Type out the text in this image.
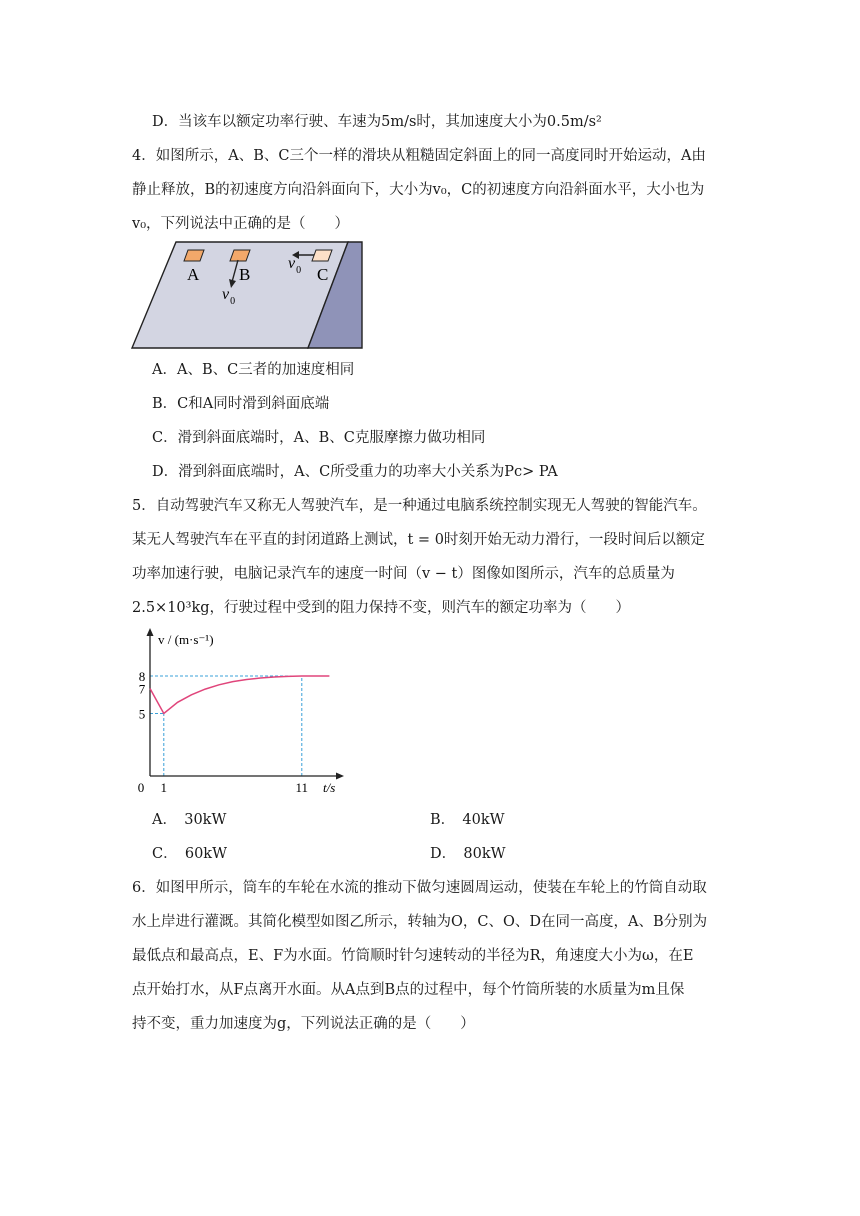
D．当该车以额定功率行驶、车速为5m/s时，其加速度大小为0.5m/s²
4．如图所示，A、B、C三个一样的滑块从粗糙固定斜面上的同一高度同时开始运动，A由
静止释放，B的初速度方向沿斜面向下，大小为v₀，C的初速度方向沿斜面水平，大小也为
v₀，下列说法中正确的是（　　）
A B	C
$v_0$
$v_0$
A．A、B、C三者的加速度相同
B．C和A同时滑到斜面底端
C．滑到斜面底端时，A、B、C克服摩擦力做功相同
D．滑到斜面底端时，A、C所受重力的功率大小关系为Pc> PA
5．自动驾驶汽车又称无人驾驶汽车，是一种通过电脑系统控制实现无人驾驶的智能汽车。
某无人驾驶汽车在平直的封闭道路上测试，t = 0时刻开始无动力滑行，一段时间后以额定
功率加速行驶，电脑记录汽车的速度一时间（v − t）图像如图所示，汽车的总质量为
2.5×10³kg，行驶过程中受到的阻力保持不变，则汽车的额定功率为（　　）
5
7
8
0 1	11
v / (m·s⁻¹)
t/s
A．　30kW	B．　40kW
C．　60kW	D．　80kW
6．如图甲所示，筒车的车轮在水流的推动下做匀速圆周运动，使装在车轮上的竹筒自动取
水上岸进行灌溉。其简化模型如图乙所示，转轴为O，C、O、D在同一高度，A、B分别为
最低点和最高点，E、F为水面。竹筒顺时针匀速转动的半径为R，角速度大小为ω，在E
点开始打水，从F点离开水面。从A点到B点的过程中，每个竹筒所装的水质量为m且保
持不变，重力加速度为g，下列说法正确的是（　　）
